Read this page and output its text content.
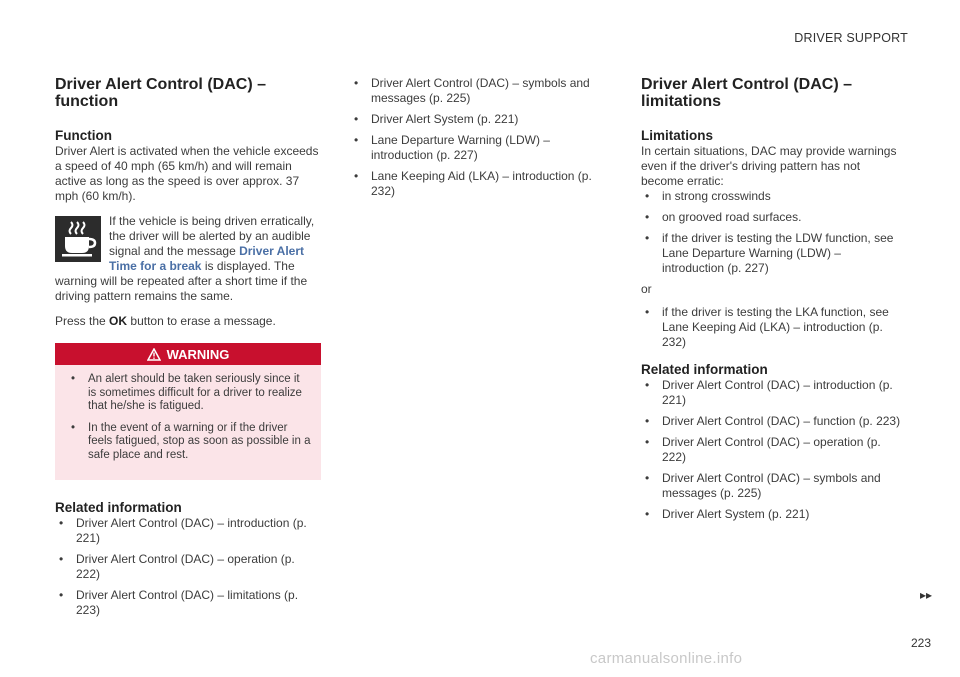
DRIVER SUPPORT
Driver Alert Control (DAC) – function
Function

Driver Alert is activated when the vehicle exceeds a speed of 40 mph (65 km/h) and will remain active as long as the speed is over approx. 37 mph (60 km/h).

If the vehicle is being driven erratically, the driver will be alerted by an audible signal and the message Driver Alert Time for a break is displayed. The

warning will be repeated after a short time if the driving pattern remains the same.

Press the OK button to erase a message.

WARNING
• An alert should be taken seriously since it is sometimes difficult for a driver to realize that he/she is fatigued.
• In the event of a warning or if the driver feels fatigued, stop as soon as possible in a safe place and rest.
Related information
• Driver Alert Control (DAC) – introduction (p. 221)
• Driver Alert Control (DAC) – operation (p. 222)
• Driver Alert Control (DAC) – limitations (p. 223)
• Driver Alert Control (DAC) – symbols and messages (p. 225)
• Driver Alert System (p. 221)
• Lane Departure Warning (LDW) – introduction (p. 227)
• Lane Keeping Aid (LKA) – introduction (p. 232)
Driver Alert Control (DAC) – limitations
Limitations

In certain situations, DAC may provide warnings even if the driver's driving pattern has not become erratic:

• in strong crosswinds
• on grooved road surfaces.
• if the driver is testing the LDW function, see Lane Departure Warning (LDW) – introduction (p. 227)

or

• if the driver is testing the LKA function, see Lane Keeping Aid (LKA) – introduction (p. 232)
Related information
• Driver Alert Control (DAC) – introduction (p. 221)
• Driver Alert Control (DAC) – function (p. 223)
• Driver Alert Control (DAC) – operation (p. 222)
• Driver Alert Control (DAC) – symbols and messages (p. 225)
• Driver Alert System (p. 221)
▸▸
223
carmanualsonline.info
